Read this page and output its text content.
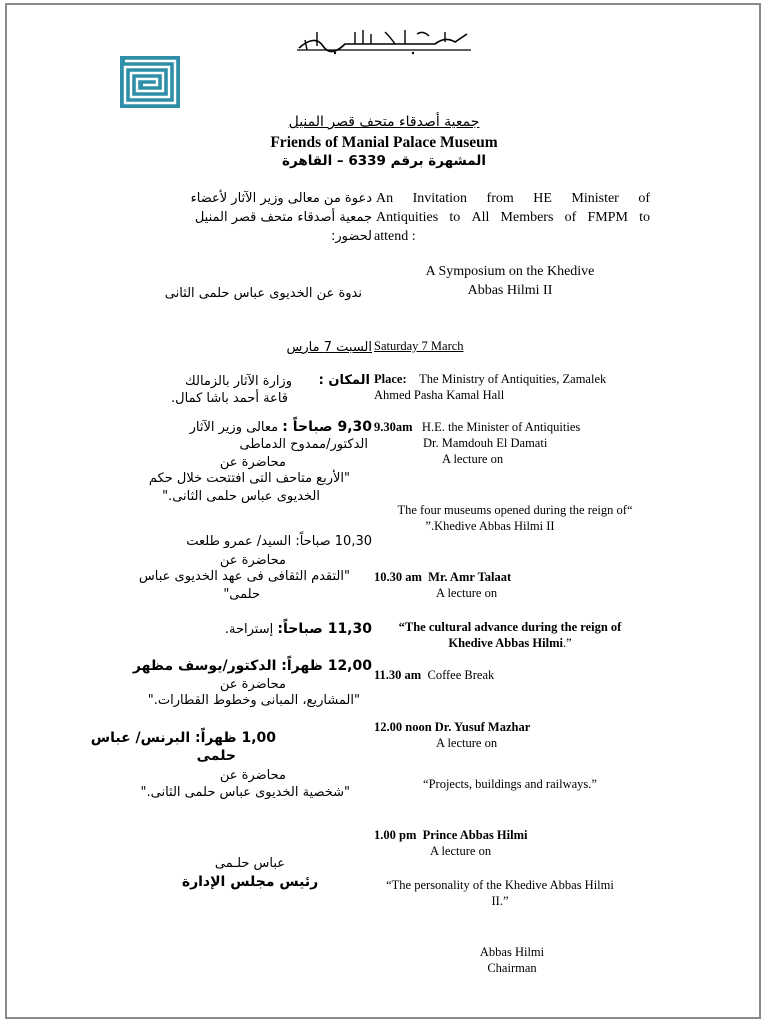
جمعية أصدقاء متحف قصر المنيل
Friends of Manial Palace Museum
المشهرة برقم 6339 – القاهرة
دعوة من معالى وزير الآثار لأعضاء
جمعية أصدقاء متحف قصر المنيل
لحضور:
An Invitation from HE Minister of
Antiquities to All Members of FMPM to
attend :
A Symposium on the Khedive
Abbas Hilmi II
ندوة عن الخديوى عباس حلمى الثانى
السبت 7 مارس Saturday 7 March
المكان :
وزارة الآثار بالزمالك
قاعة أحمد باشا كمال.
Place: The Ministry of Antiquities, Zamalek
Ahmed Pasha Kamal Hall
9,30 صباحاً : معالى وزير الآثار
الدكتور/ممدوح الدماطى
محاضرة عن
"الأربع متاحف التى افتتحت خلال حكم
الخديوى عباس حلمى الثانى."
9.30am H.E. the Minister of Antiquities
Dr. Mamdouh El Damati
A lecture on
The four museums opened during the reign of“
”.Khedive Abbas Hilmi II
10,30 صباحاً: السيد/ عمرو طلعت
محاضرة عن
"التقدم الثقافى فى عهد الخديوى عباس
حلمى"
10.30 am Mr. Amr Talaat
A lecture on
“The cultural advance during the reign of
Khedive Abbas Hilmi.”
11,30 صباحاً: إستراحة.
11.30 am Coffee Break
12,00 ظهراً: الدكتور/يوسف مظهر
محاضرة عن
"المشاريع، المبانى وخطوط القطارات."
12.00 noon Dr. Yusuf Mazhar
A lecture on
“Projects, buildings and railways.”
1,00 ظهراً: البرنس/ عباس
حلمى
محاضرة عن
"شخصية الخديوى عباس حلمى الثانى."
1.00 pm Prince Abbas Hilmi
A lecture on
“The personality of the Khedive Abbas Hilmi
II.”
عباس حلـمى
رئيس مجلس الإدارة
Abbas Hilmi
Chairman
